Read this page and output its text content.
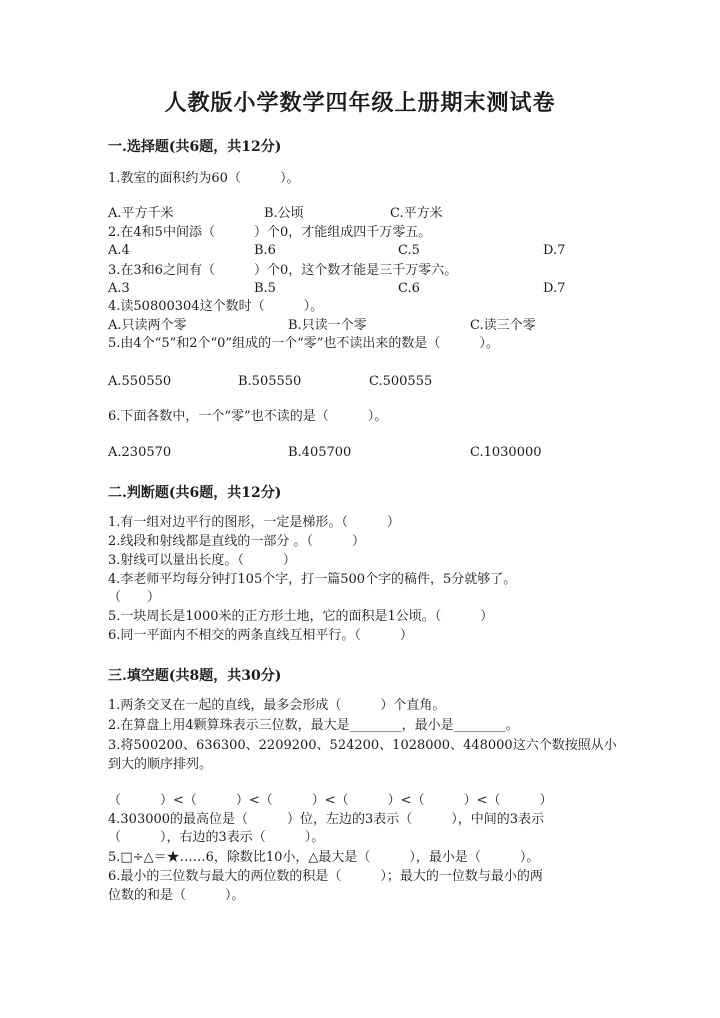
人教版小学数学四年级上册期末测试卷
一.选择题(共6题，共12分)
1.教室的面积约为60（　　　）。
A.平方千米	B.公顷	C.平方米
2.在4和5中间添（　　　）个0，才能组成四千万零五。
A.4	B.6	C.5	D.7
3.在3和6之间有（　　　）个0，这个数才能是三千万零六。
A.3	B.5	C.6	D.7
4.读50800304这个数时（　　　）。
A.只读两个零	B.只读一个零	C.读三个零
5.由4个“5”和2个“0”组成的一个“零”也不读出来的数是（　　　）。
A.550550	B.505550	C.500555
6.下面各数中，一个“零”也不读的是（　　　）。
A.230570	B.405700	C.1030000
二.判断题(共6题，共12分)
1.有一组对边平行的图形，一定是梯形。（　　　）
2.线段和射线都是直线的一部分 。（　　　）
3.射线可以量出长度。（　　　）
4.李老师平均每分钟打105个字，打一篇500个字的稿件，5分就够了。
（　　）
5.一块周长是1000米的正方形土地，它的面积是1公顷。（　　　）
6.同一平面内不相交的两条直线互相平行。（　　　）
三.填空题(共8题，共30分)
1.两条交叉在一起的直线，最多会形成（　　　）个直角。
2.在算盘上用4颗算珠表示三位数，最大是________，最小是________。
3.将500200、636300、2209200、524200、1028000、448000这六个数按照从小
到大的顺序排列。
（　　　）<（　　　）<（　　　）<（　　　）<（　　　）<（　　　）
4.303000的最高位是（　　　）位，左边的3表示（　　　），中间的3表示
（　　　），右边的3表示（　　　）。
5.□÷△＝★……6，除数比10小，△最大是（　　　），最小是（　　　）。
6.最小的三位数与最大的两位数的积是（　　　）；最大的一位数与最小的两
位数的和是（　　　）。
